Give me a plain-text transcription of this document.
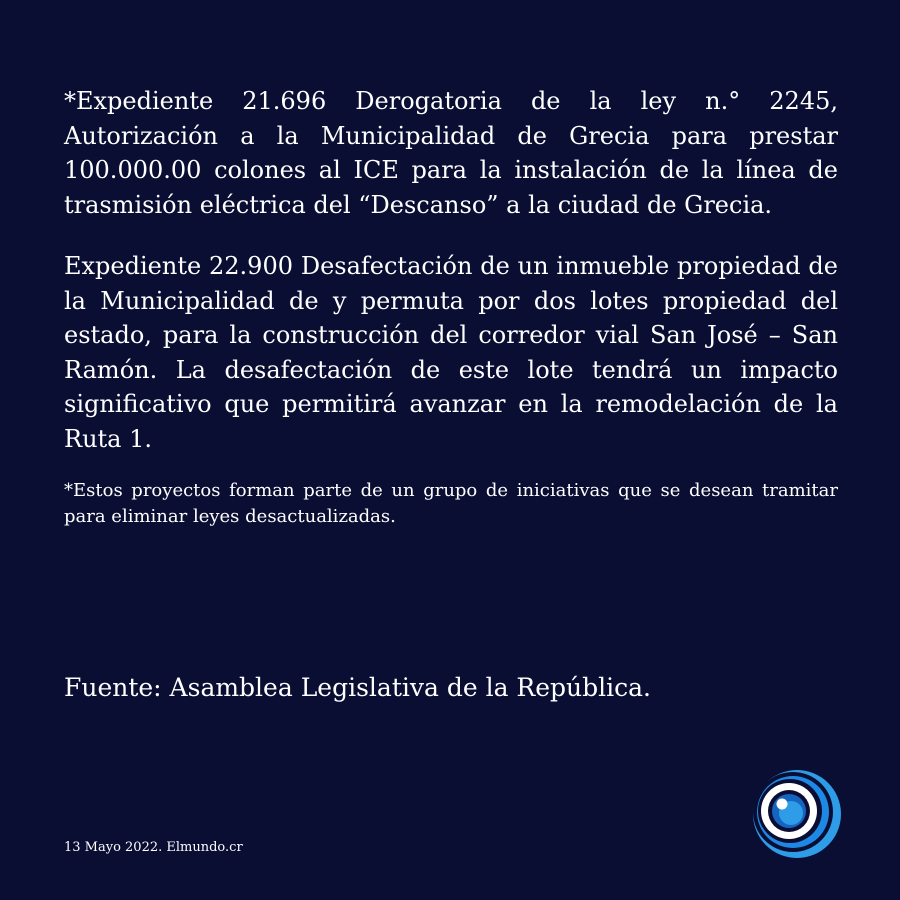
*Expediente 21.696 Derogatoria de la ley n.° 2245, Autorización a la Municipalidad de Grecia para prestar 100.000.00 colones al ICE para la instalación de la línea de trasmisión eléctrica del “Descanso” a la ciudad de Grecia.

Expediente 22.900 Desafectación de un inmueble propiedad de la Municipalidad de y permuta por dos lotes propiedad del estado, para la construcción del corredor vial San José – San Ramón. La desafectación de este lote tendrá un impacto significativo que permitirá avanzar en la remodelación de la Ruta 1.

*Estos proyectos forman parte de un grupo de iniciativas que se desean tramitar para eliminar leyes desactualizadas.

Fuente: Asamblea Legislativa de la República.

13 Mayo 2022. Elmundo.cr
